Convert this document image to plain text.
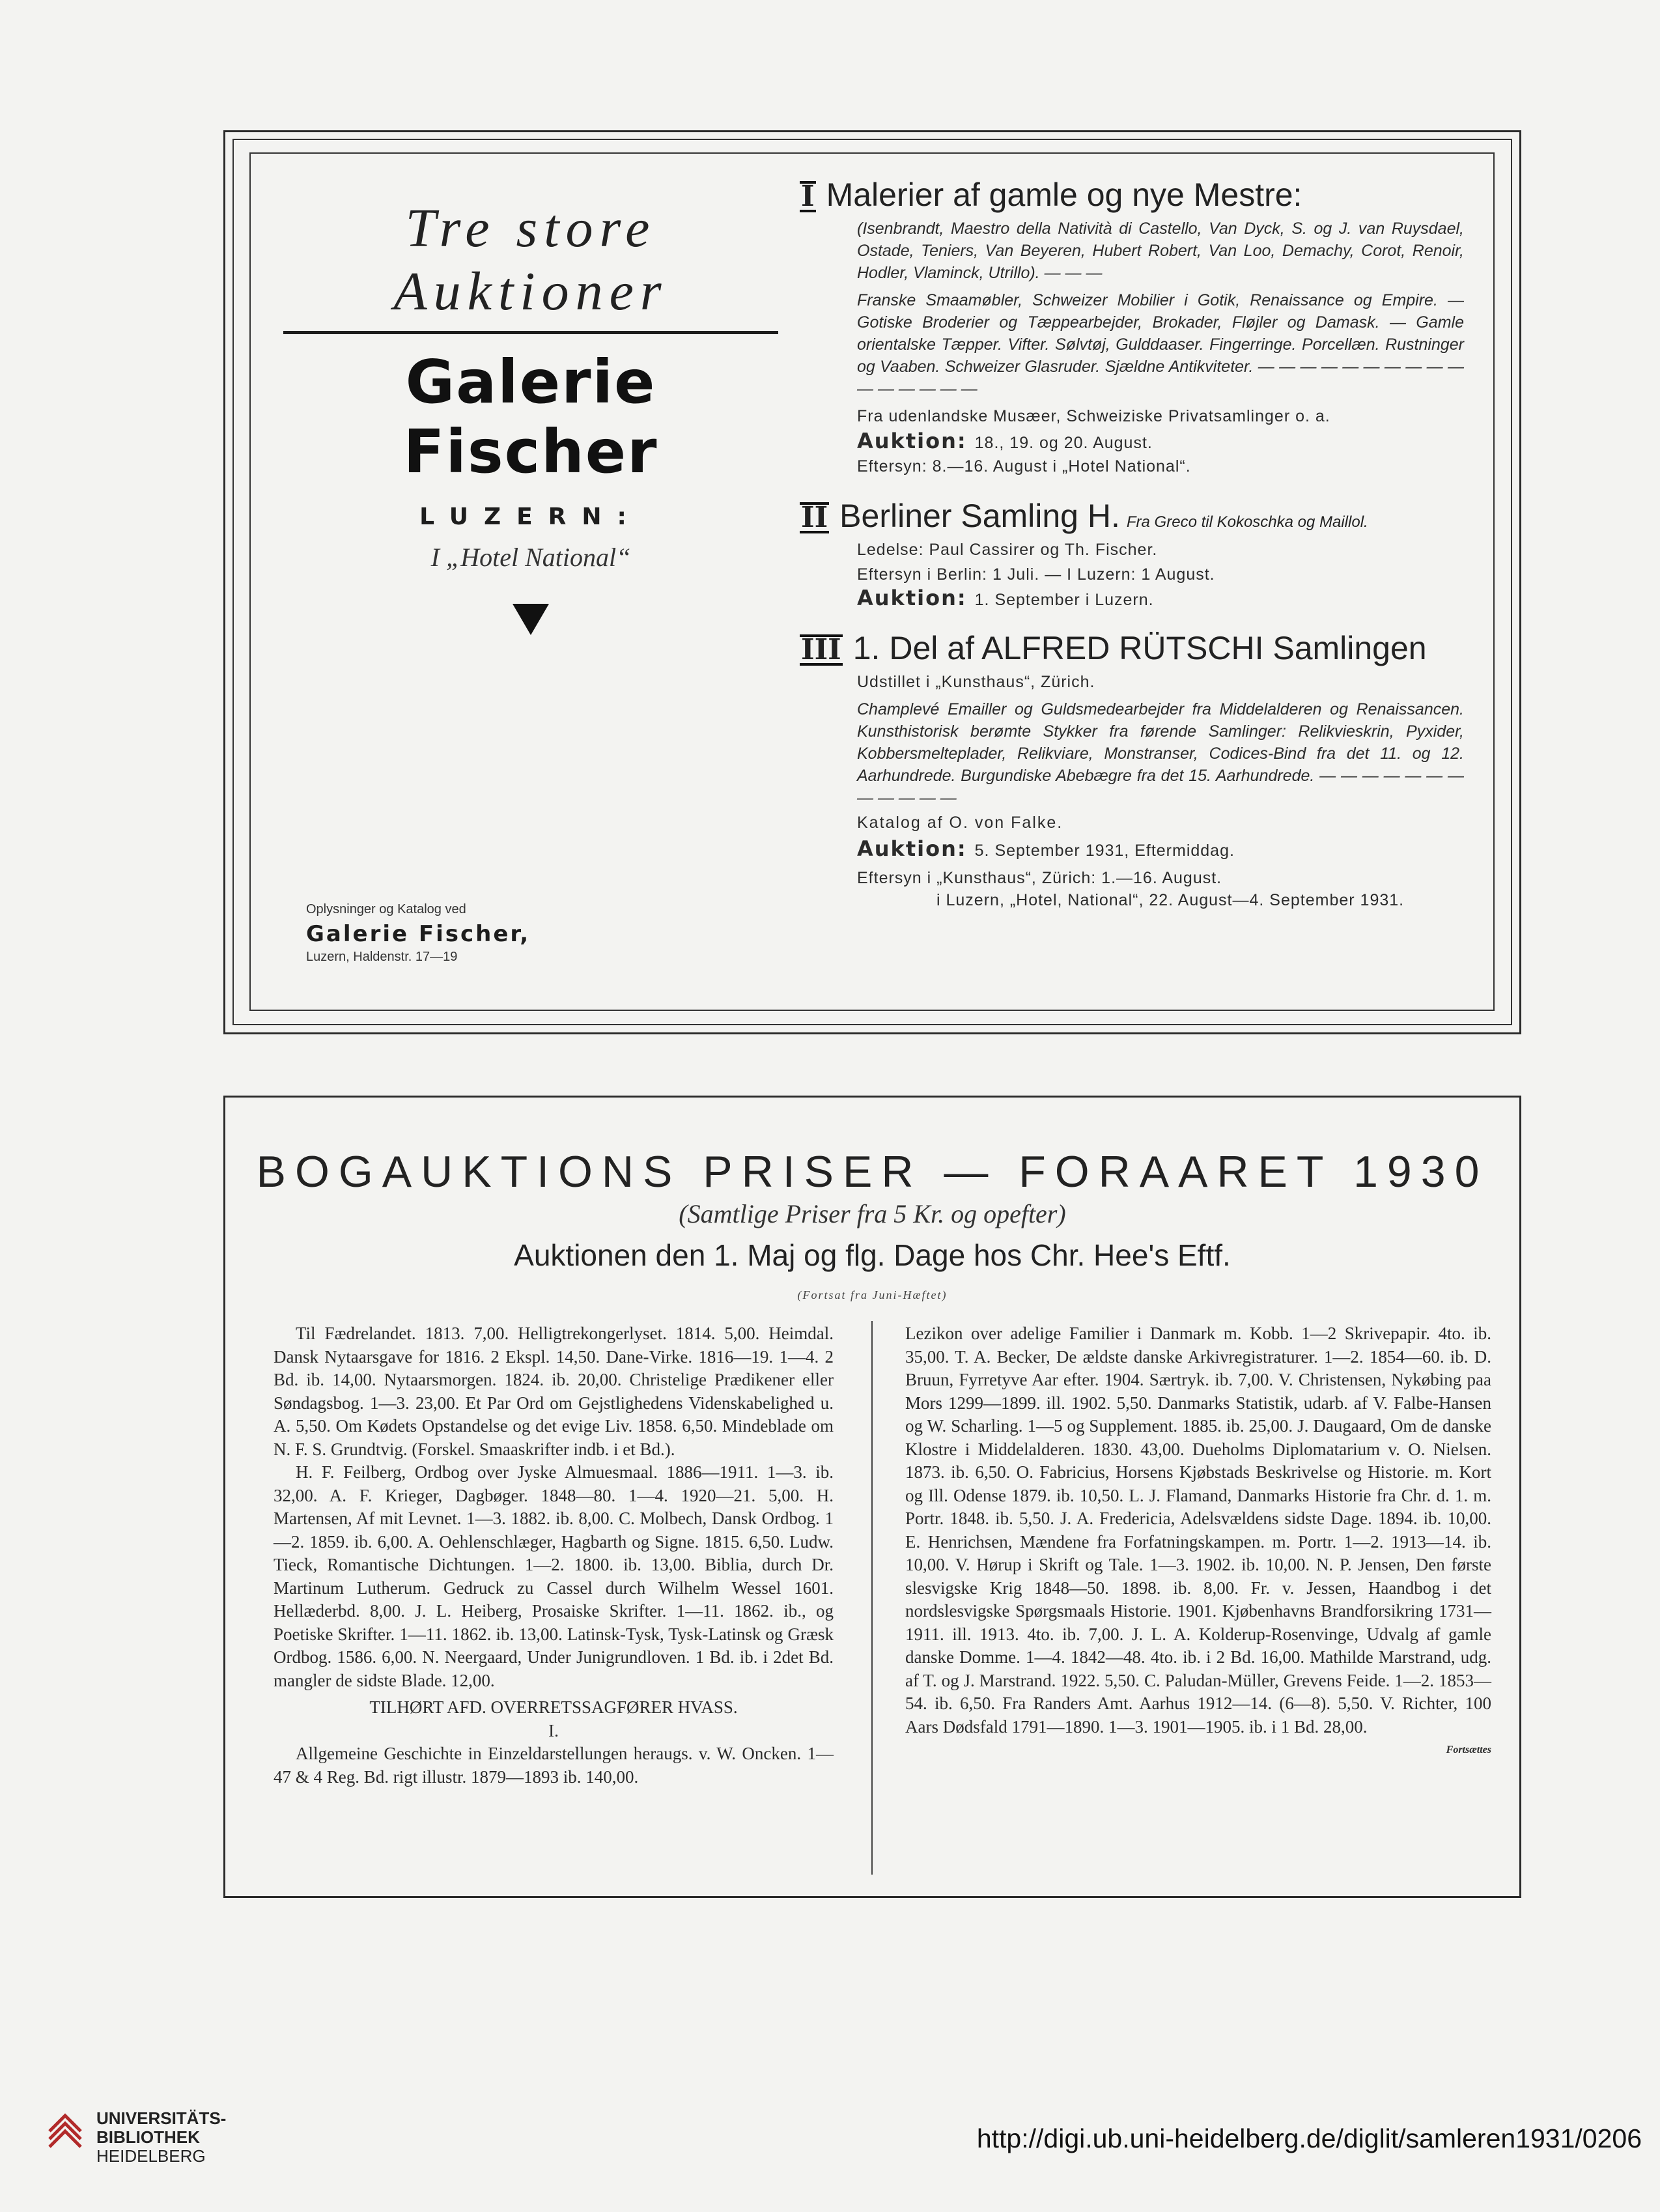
Tre store Auktioner
Galerie Fischer
LUZERN:
I „Hotel National“
Oplysninger og Katalog ved
Galerie Fischer,
Luzern, Haldenstr. 17—19
I Malerier af gamle og nye Mestre:
(Isenbrandt, Maestro della Natività di Castello, Van Dyck, S. og J. van Ruysdael, Ostade, Teniers, Van Beyeren, Hubert Robert, Van Loo, Demachy, Corot, Renoir, Hodler, Vlaminck, Utrillo). — — —
Franske Smaamøbler, Schweizer Mobilier i Gotik, Renaissance og Empire. — Gotiske Broderier og Tæppearbejder, Brokader, Fløjler og Damask. — Gamle orientalske Tæpper. Vifter. Sølvtøj, Gulddaaser. Fingerringe. Porcellæn. Rustninger og Vaaben. Schweizer Glasruder. Sjældne Antikviteter. — — — — — — — — — — — — — — — —
Fra udenlandske Musæer, Schweiziske Privatsamlinger o. a.
Auktion: 18., 19. og 20. August.
Eftersyn: 8.—16. August i „Hotel National“.
II Berliner Samling H. Fra Greco til Kokoschka og Maillol.
Ledelse: Paul Cassirer og Th. Fischer.
Eftersyn i Berlin: 1 Juli. — I Luzern: 1 August.
Auktion: 1. September i Luzern.
III 1. Del af ALFRED RÜTSCHI Samlingen
Udstillet i „Kunsthaus“, Zürich.
Champlevé Emailler og Guldsmedearbejder fra Middelalderen og Renaissancen. Kunsthistorisk berømte Stykker fra førende Samlinger: Relikvieskrin, Pyxider, Kobbersmelteplader, Relikviare, Monstranser, Codices-Bind fra det 11. og 12. Aarhundrede. Burgundiske Abebægre fra det 15. Aarhundrede. — — — — — — — — — — — —
Katalog af O. von Falke.
Auktion: 5. September 1931, Eftermiddag.
Eftersyn i „Kunsthaus“, Zürich: 1.—16. August.
i Luzern, „Hotel, National“, 22. August—4. September 1931.
BOGAUKTIONS PRISER — FORAARET 1930
(Samtlige Priser fra 5 Kr. og opefter)
Auktionen den 1. Maj og flg. Dage hos Chr. Hee's Eftf.
(Fortsat fra Juni-Hæftet)

Til Fædrelandet. 1813. 7,00. Helligtrekongerlyset. 1814. 5,00. Heimdal. Dansk Nytaarsgave for 1816. 2 Ekspl. 14,50. Dane-Virke. 1816—19. 1—4. 2 Bd. ib. 14,00. Nytaarsmorgen. 1824. ib. 20,00. Christelige Prædikener eller Søndagsbog. 1—3. 23,00. Et Par Ord om Gejstlighedens Videnskabelighed u. A. 5,50. Om Kødets Opstandelse og det evige Liv. 1858. 6,50. Mindeblade om N. F. S. Grundtvig. (Forskel. Smaaskrifter indb. i et Bd.).

H. F. Feilberg, Ordbog over Jyske Almuesmaal. 1886—1911. 1—3. ib. 32,00. A. F. Krieger, Dagbøger. 1848—80. 1—4. 1920—21. 5,00. H. Martensen, Af mit Levnet. 1—3. 1882. ib. 8,00. C. Molbech, Dansk Ordbog. 1—2. 1859. ib. 6,00. A. Oehlenschlæger, Hagbarth og Signe. 1815. 6,50. Ludw. Tieck, Romantische Dichtungen. 1—2. 1800. ib. 13,00. Biblia, durch Dr. Martinum Lutherum. Gedruck zu Cassel durch Wilhelm Wessel 1601. Hellæderbd. 8,00. J. L. Heiberg, Prosaiske Skrifter. 1—11. 1862. ib., og Poetiske Skrifter. 1—11. 1862. ib. 13,00. Latinsk-Tysk, Tysk-Latinsk og Græsk Ordbog. 1586. 6,00. N. Neergaard, Under Junigrundloven. 1 Bd. ib. i 2det Bd. mangler de sidste Blade. 12,00.

TILHØRT AFD. OVERRETSSAGFØRER HVASS.

I.

Allgemeine Geschichte in Einzeldarstellungen heraugs. v. W. Oncken. 1—47 & 4 Reg. Bd. rigt illustr. 1879—1893 ib. 140,00.

Lezikon over adelige Familier i Danmark m. Kobb. 1—2 Skrivepapir. 4to. ib. 35,00. T. A. Becker, De ældste danske Arkivregistraturer. 1—2. 1854—60. ib. D. Bruun, Fyrretyve Aar efter. 1904. Særtryk. ib. 7,00. V. Christensen, Nykøbing paa Mors 1299—1899. ill. 1902. 5,50. Danmarks Statistik, udarb. af V. Falbe-Hansen og W. Scharling. 1—5 og Supplement. 1885. ib. 25,00. J. Daugaard, Om de danske Klostre i Middelalderen. 1830. 43,00. Dueholms Diplomatarium v. O. Nielsen. 1873. ib. 6,50. O. Fabricius, Horsens Kjøbstads Beskrivelse og Historie. m. Kort og Ill. Odense 1879. ib. 10,50. L. J. Flamand, Danmarks Historie fra Chr. d. 1. m. Portr. 1848. ib. 5,50. J. A. Fredericia, Adelsvældens sidste Dage. 1894. ib. 10,00. E. Henrichsen, Mændene fra Forfatningskampen. m. Portr. 1—2. 1913—14. ib. 10,00. V. Hørup i Skrift og Tale. 1—3. 1902. ib. 10,00. N. P. Jensen, Den første slesvigske Krig 1848—50. 1898. ib. 8,00. Fr. v. Jessen, Haandbog i det nordslesvigske Spørgsmaals Historie. 1901. Kjøbenhavns Brandforsikring 1731—1911. ill. 1913. 4to. ib. 7,00. J. L. A. Kolderup-Rosenvinge, Udvalg af gamle danske Domme. 1—4. 1842—48. 4to. ib. i 2 Bd. 16,00. Mathilde Marstrand, udg. af T. og J. Marstrand. 1922. 5,50. C. Paludan-Müller, Grevens Feide. 1—2. 1853—54. ib. 6,50. Fra Randers Amt. Aarhus 1912—14. (6—8). 5,50. V. Richter, 100 Aars Dødsfald 1791—1890. 1—3. 1901—1905. ib. i 1 Bd. 28,00.

Fortsættes
UNIVERSITÄTS-
BIBLIOTHEK
HEIDELBERG
http://digi.ub.uni-heidelberg.de/diglit/samleren1931/0206
